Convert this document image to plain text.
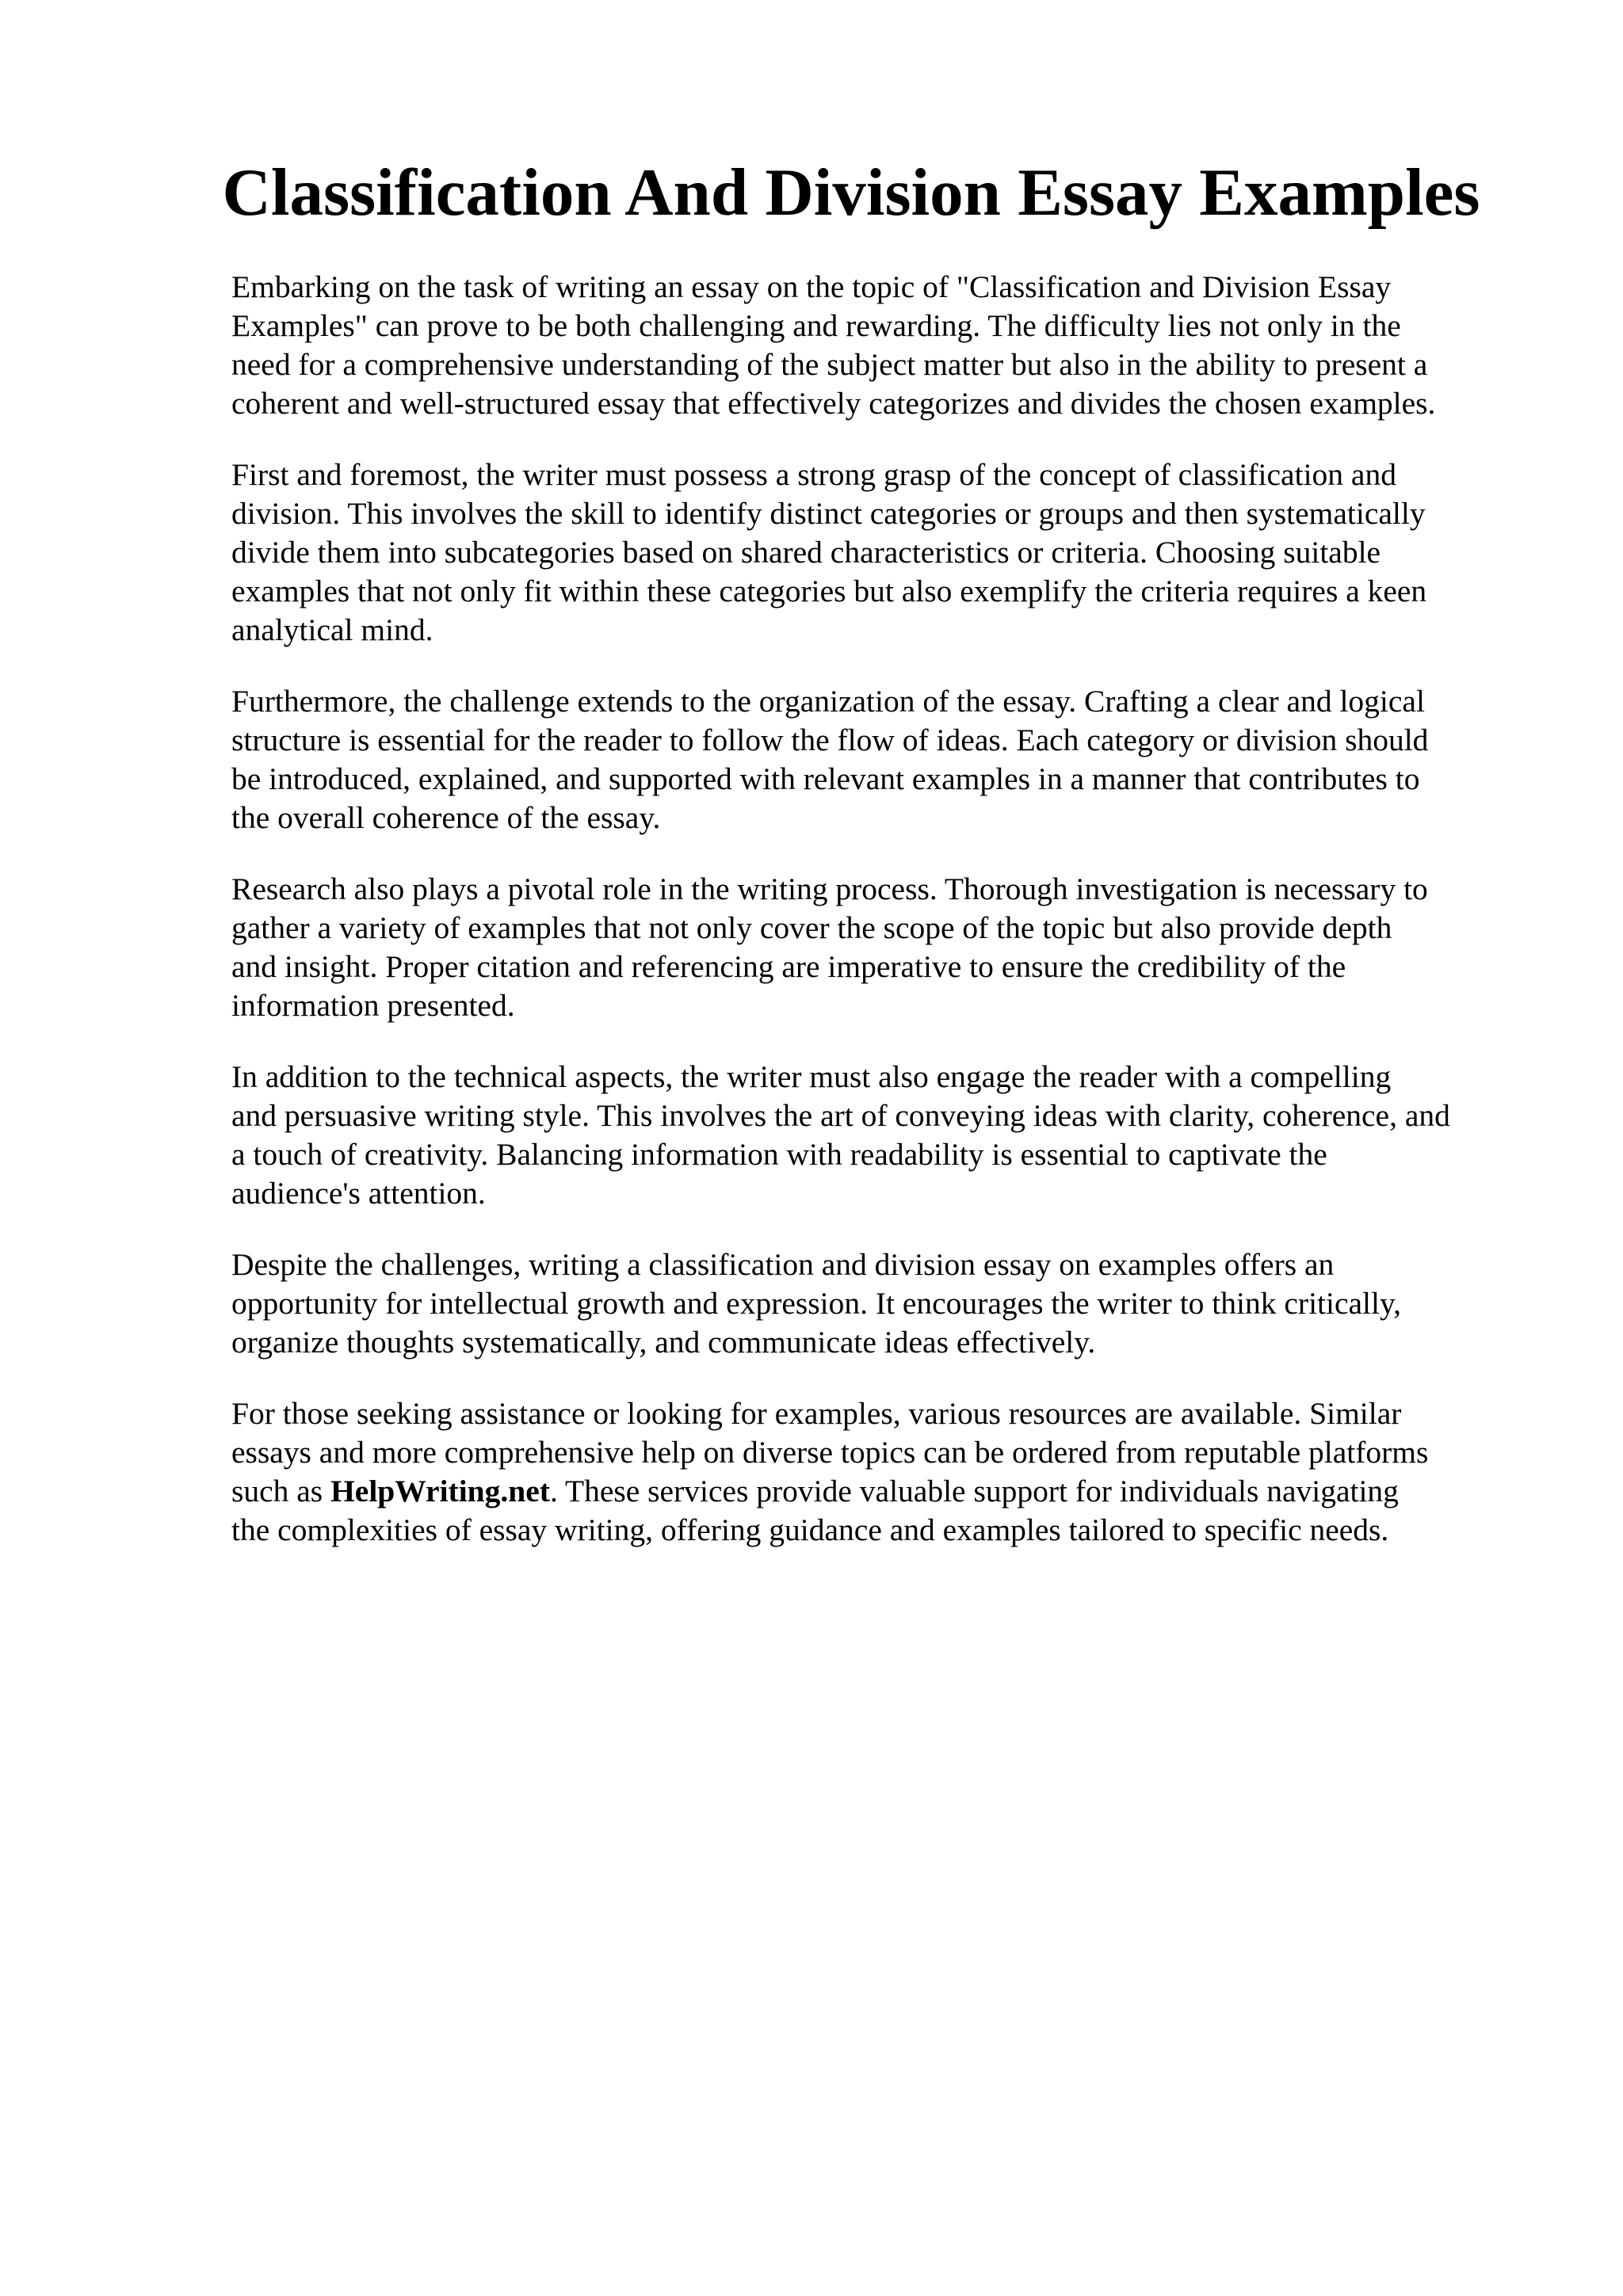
Classification And Division Essay Examples

Embarking on the task of writing an essay on the topic of "Classification and Division Essay
Examples" can prove to be both challenging and rewarding. The difficulty lies not only in the
need for a comprehensive understanding of the subject matter but also in the ability to present a
coherent and well-structured essay that effectively categorizes and divides the chosen examples.

First and foremost, the writer must possess a strong grasp of the concept of classification and
division. This involves the skill to identify distinct categories or groups and then systematically
divide them into subcategories based on shared characteristics or criteria. Choosing suitable
examples that not only fit within these categories but also exemplify the criteria requires a keen
analytical mind.

Furthermore, the challenge extends to the organization of the essay. Crafting a clear and logical
structure is essential for the reader to follow the flow of ideas. Each category or division should
be introduced, explained, and supported with relevant examples in a manner that contributes to
the overall coherence of the essay.

Research also plays a pivotal role in the writing process. Thorough investigation is necessary to
gather a variety of examples that not only cover the scope of the topic but also provide depth
and insight. Proper citation and referencing are imperative to ensure the credibility of the
information presented.

In addition to the technical aspects, the writer must also engage the reader with a compelling
and persuasive writing style. This involves the art of conveying ideas with clarity, coherence, and
a touch of creativity. Balancing information with readability is essential to captivate the
audience's attention.

Despite the challenges, writing a classification and division essay on examples offers an
opportunity for intellectual growth and expression. It encourages the writer to think critically,
organize thoughts systematically, and communicate ideas effectively.

For those seeking assistance or looking for examples, various resources are available. Similar
essays and more comprehensive help on diverse topics can be ordered from reputable platforms
such as HelpWriting.net. These services provide valuable support for individuals navigating
the complexities of essay writing, offering guidance and examples tailored to specific needs.
